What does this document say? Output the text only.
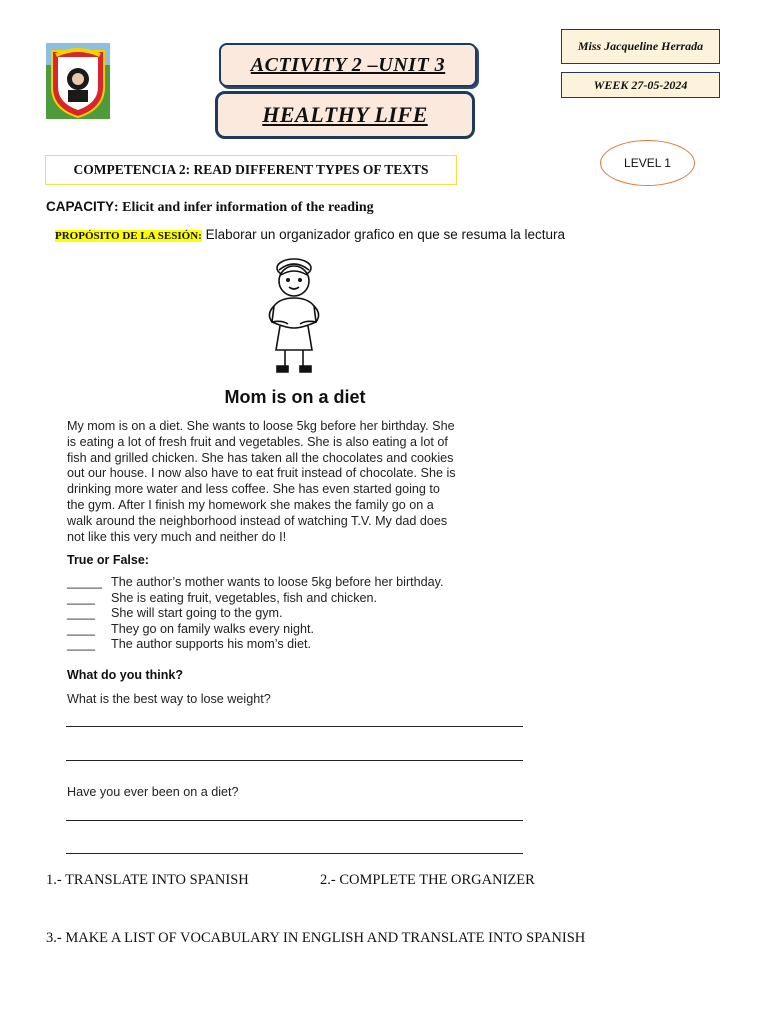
ACTIVITY 2 –UNIT 3
HEALTHY LIFE
Miss Jacqueline Herrada
WEEK 27-05-2024
LEVEL 1
COMPETENCIA 2: READ DIFFERENT TYPES OF TEXTS
CAPACITY: Elicit and infer information of the reading
PROPÓSITO DE LA SESIÓN: Elaborar un organizador grafico en que se resuma la lectura
Mom is on a diet
My mom is on a diet. She wants to loose 5kg before her birthday. She
is eating a lot of fresh fruit and vegetables. She is also eating a lot of
fish and grilled chicken. She has taken all the chocolates and cookies
out our house. I now also have to eat fruit instead of chocolate. She is
drinking more water and less coffee. She has even started going to
the gym. After I finish my homework she makes the family go on a
walk around the neighborhood instead of watching T.V. My dad does
not like this very much and neither do I!
True or False:
_____ The author’s mother wants to loose 5kg before her birthday.
____	She is eating fruit, vegetables, fish and chicken.
____	She will start going to the gym.
____	They go on family walks every night.
____	The author supports his mom’s diet.
What do you think?
What is the best way to lose weight?
Have you ever been on a diet?
1.- TRANSLATE INTO SPANISH	2.- COMPLETE THE ORGANIZER
3.- MAKE A LIST OF VOCABULARY IN ENGLISH AND TRANSLATE INTO SPANISH
